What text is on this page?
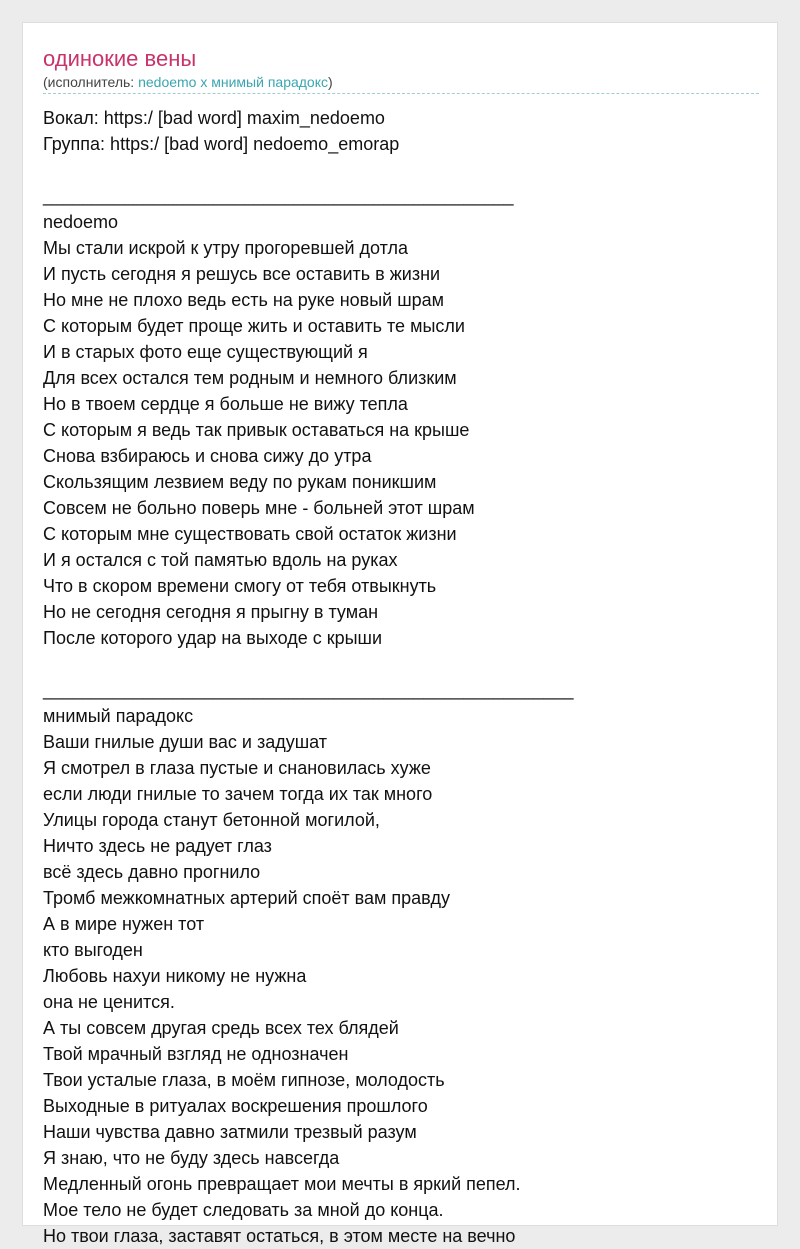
одинокие вены
(исполнитель: nedoemo x мнимый парадокс)
Вокал: https:/ [bad word] maxim_nedoemo
Группа: https:/ [bad word] nedoemo_emorap
_______________________________________________
nedoemo
Мы стали искрой к утру прогоревшей дотла
И пусть сегодня я решусь все оставить в жизни
Но мне не плохо ведь есть на руке новый шрам
С которым будет проще жить и оставить те мысли
И в старых фото еще существующий я
Для всех остался тем родным и немного близким
Но в твоем сердце я больше не вижу тепла
С которым я ведь так привык оставаться на крыше
Снова взбираюсь и снова сижу до утра
Скользящим лезвием веду по рукам поникшим
Совсем не больно поверь мне - больней этот шрам
С которым мне существовать свой остаток жизни
И я остался с той памятью вдоль на руках
Что в скором времени смогу от тебя отвыкнуть
Но не сегодня сегодня я прыгну в туман
После которого удар на выходе с крыши
_____________________________________________________
мнимый парадокс
Ваши гнилые души вас и задушат
Я смотрел в глаза пустые и снановилась хуже
если люди гнилые то зачем тогда их так много
Улицы города станут бетонной могилой,
Ничто здесь не радует глаз
всё здесь давно прогнило
Тромб межкомнатных артерий споёт вам правду
А в мире нужен тот
кто выгоден
Любовь нахуи никому не нужна
она не ценится.
А ты совсем другая средь всех тех блядей
Твой мрачный взгляд не однозначен
Твои усталые глаза, в моём гипнозе, молодость
Выходные в ритуалах воскрешения прошлого
Наши чувства давно затмили трезвый разум
Я знаю, что не буду здесь навсегда
Медленный огонь превращает мои мечты в яркий пепел.
Мое тело не будет следовать за мной до конца.
Но твои глаза, заставят остаться, в этом месте на вечно
